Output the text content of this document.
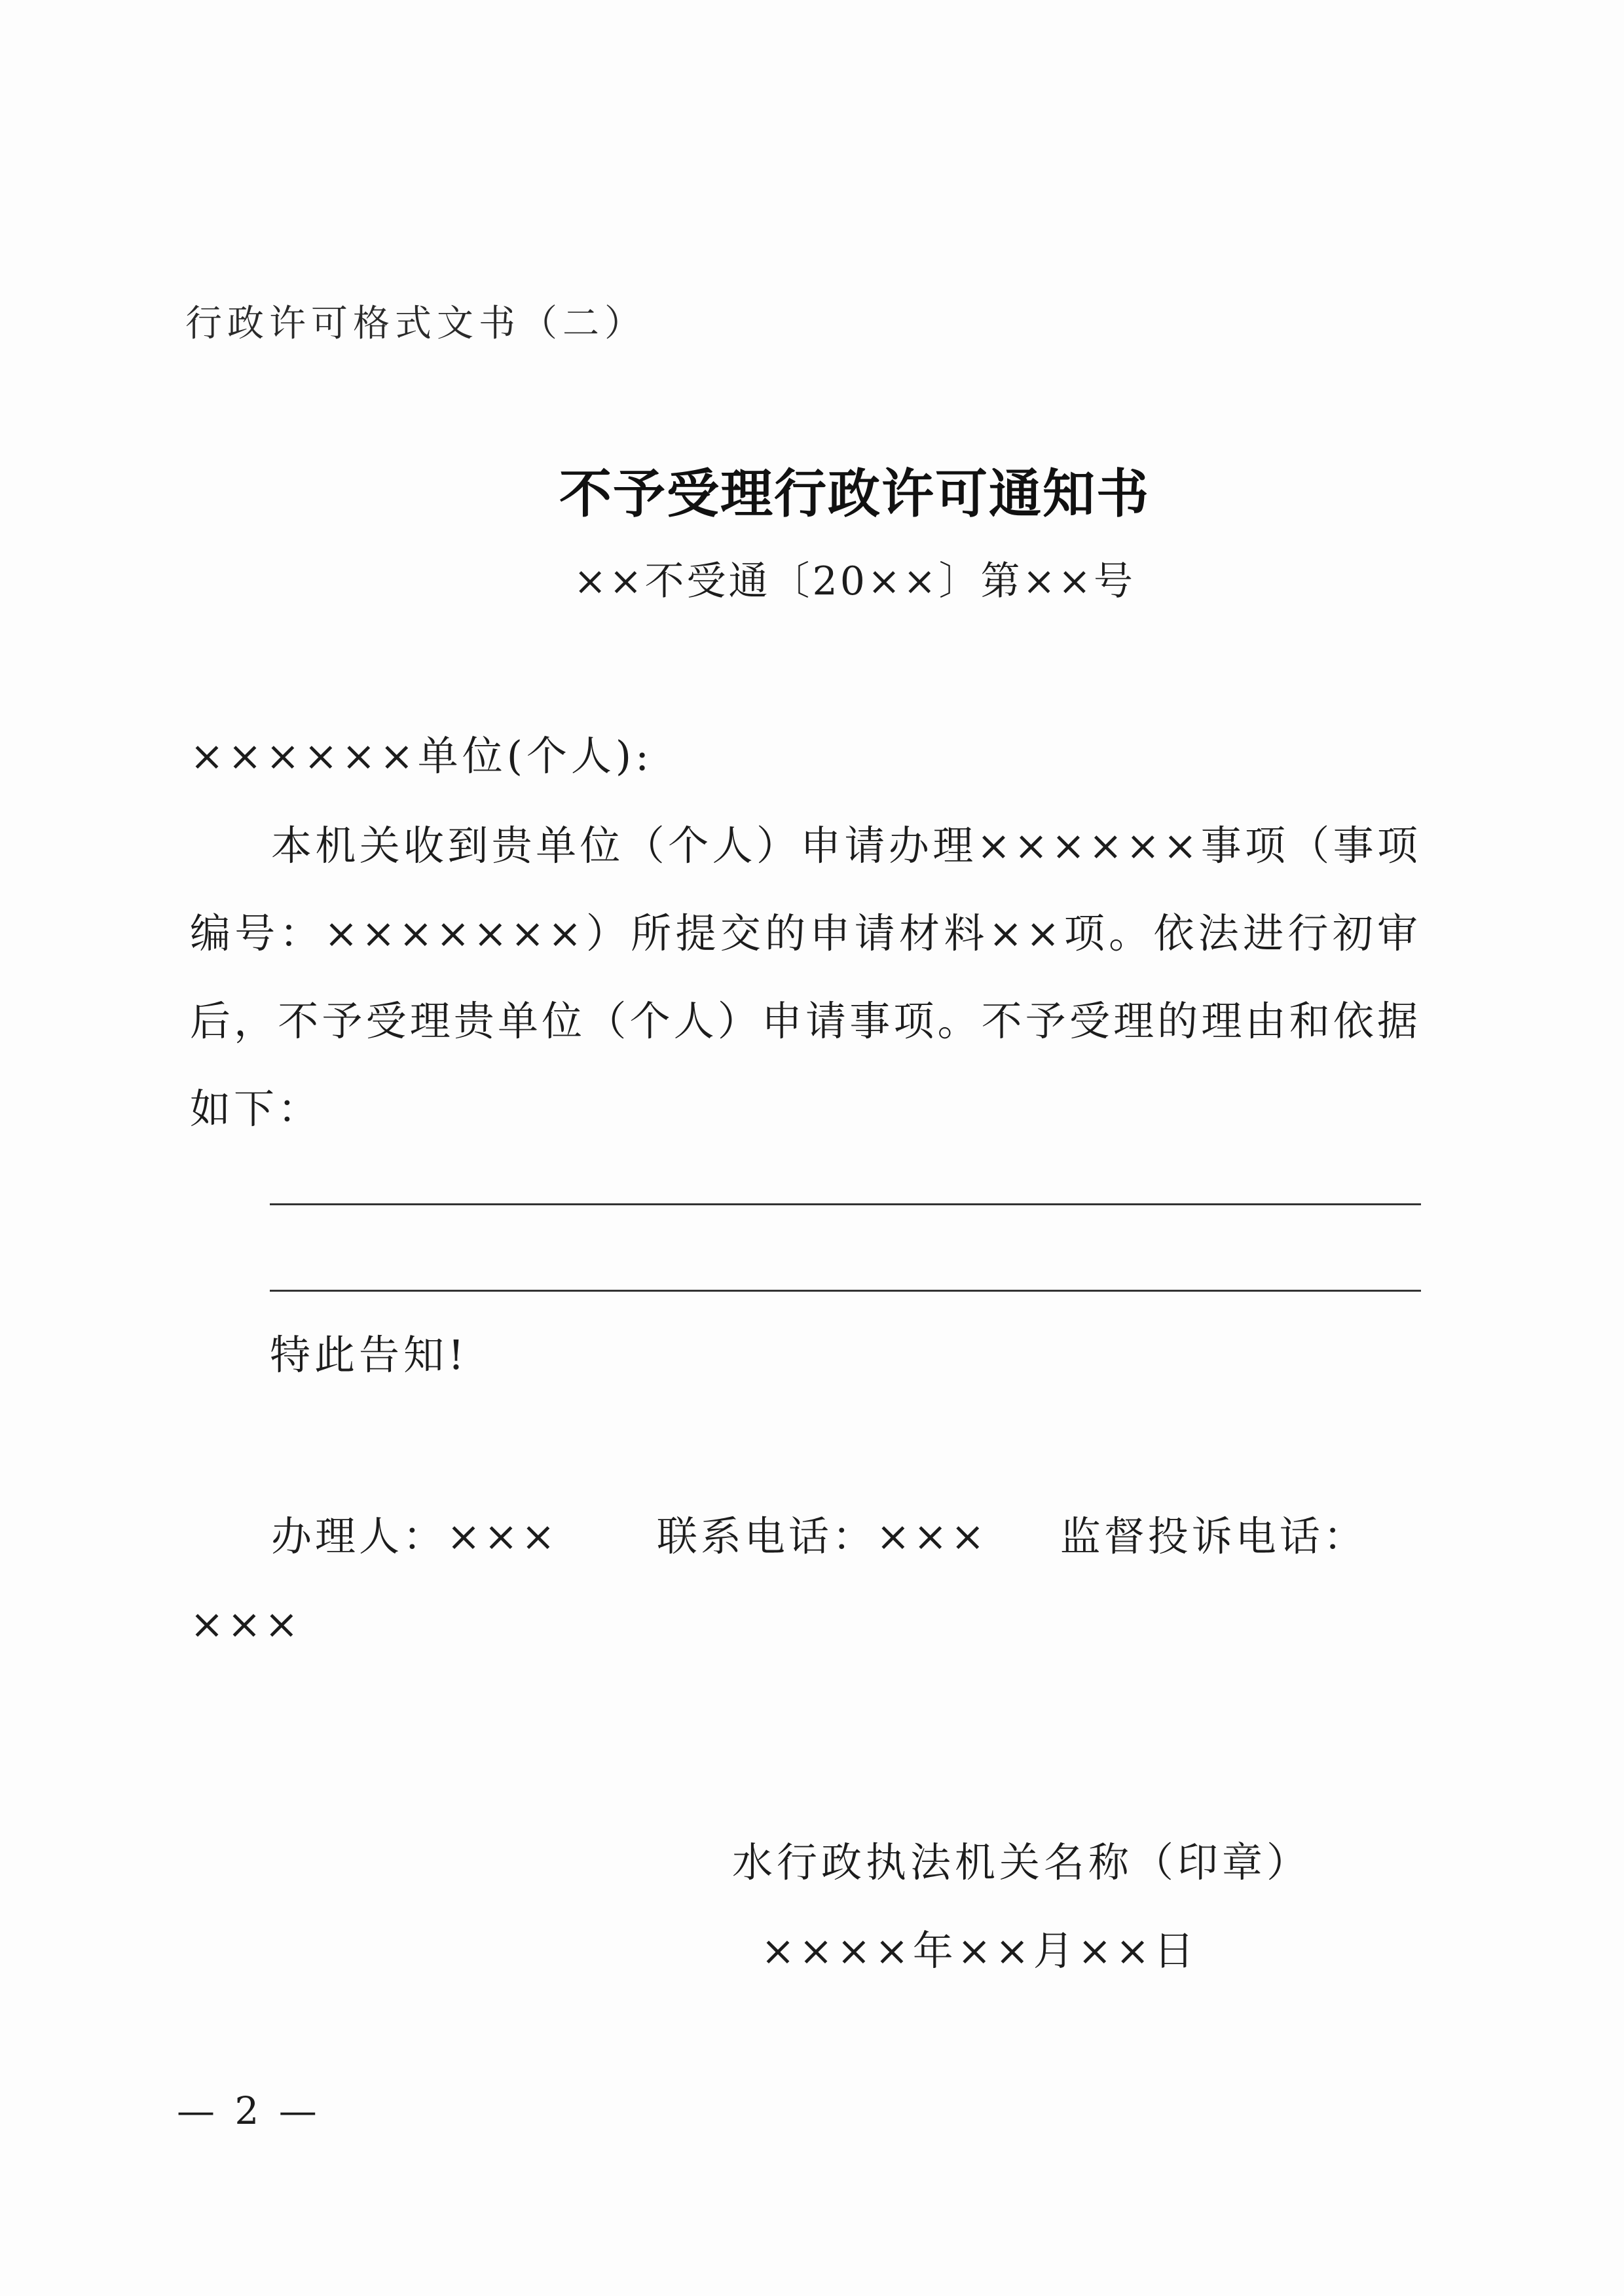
行政许可格式文书（二）
不予受理行政许可通知书
××不受通〔20××〕第××号
××××××单位(个人):
本机关收到贵单位（个人）申请办理××××××事项（事项编号：×××××××）所提交的申请材料××项。依法进行初审后，不予受理贵单位（个人）申请事项。不予受理的理由和依据如下：
特此告知!
办理人：××× 联系电话：××× 监督投诉电话：×××
水行政执法机关名称（印章）
××××年××月××日
— 2 —
